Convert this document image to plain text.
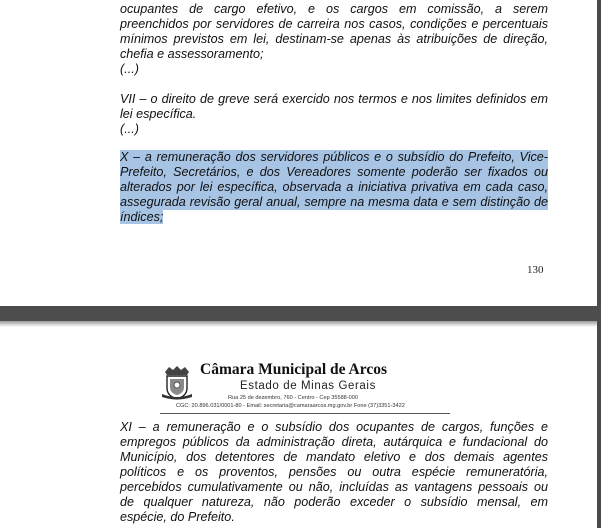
ocupantes de cargo efetivo, e os cargos em comissão, a serem
preenchidos por servidores de carreira nos casos, condições e percentuais
mínimos previstos em lei, destinam-se apenas às atribuições de direção,
chefia e assessoramento;
(...)

VII – o direito de greve será exercido nos termos e nos limites definidos em
lei específica.
(...)

X – a remuneração dos servidores públicos e o subsídio do Prefeito, Vice-
Prefeito, Secretários, e dos Vereadores somente poderão ser fixados ou
alterados por lei específica, observada a iniciativa privativa em cada caso,
assegurada revisão geral anual, sempre na mesma data e sem distinção de
índices;

130
Câmara Municipal de Arcos
Estado de Minas Gerais
Rua 25 de dezembro, 760 - Centro - Cep 35588-000
CGC: 20.896.031/0001-80 - Email: secretaria@camaraarcos.mg.gov.br Fone (37)3351-3422

XI – a remuneração e o subsídio dos ocupantes de cargos, funções e
empregos públicos da administração direta, autárquica e fundacional do
Município, dos detentores de mandato eletivo e dos demais agentes
políticos e os proventos, pensões ou outra espécie remuneratória,
percebidos cumulativamente ou não, incluídas as vantagens pessoais ou
de qualquer natureza, não poderão exceder o subsídio mensal, em
espécie, do Prefeito.
